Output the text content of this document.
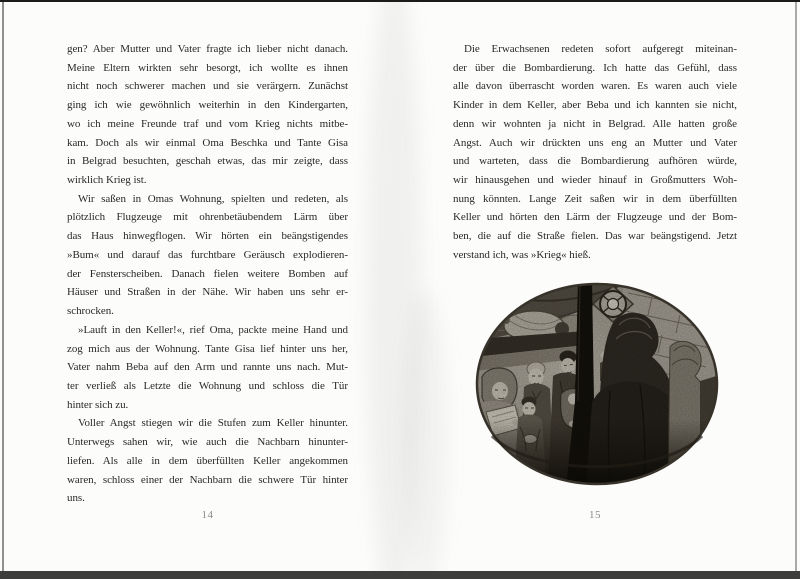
gen? Aber Mutter und Vater fragte ich lieber nicht danach.
Meine Eltern wirkten sehr besorgt, ich wollte es ihnen
nicht noch schwerer machen und sie verärgern. Zunächst
ging ich wie gewöhnlich weiterhin in den Kindergarten,
wo ich meine Freunde traf und vom Krieg nichts mitbe-
kam. Doch als wir einmal Oma Beschka und Tante Gisa
in Belgrad besuchten, geschah etwas, das mir zeigte, dass
wirklich Krieg ist.
Wir saßen in Omas Wohnung, spielten und redeten, als
plötzlich Flugzeuge mit ohrenbetäubendem Lärm über
das Haus hinwegflogen. Wir hörten ein beängstigendes
»Bum« und darauf das furchtbare Geräusch explodieren-
der Fensterscheiben. Danach fielen weitere Bomben auf
Häuser und Straßen in der Nähe. Wir haben uns sehr er-
schrocken.
»Lauft in den Keller!«, rief Oma, packte meine Hand und
zog mich aus der Wohnung. Tante Gisa lief hinter uns her,
Vater nahm Beba auf den Arm und rannte uns nach. Mut-
ter verließ als Letzte die Wohnung und schloss die Tür
hinter sich zu.
Voller Angst stiegen wir die Stufen zum Keller hinunter.
Unterwegs sahen wir, wie auch die Nachbarn hinunter-
liefen. Als alle in dem überfüllten Keller angekommen
waren, schloss einer der Nachbarn die schwere Tür hinter
uns.
14
Die Erwachsenen redeten sofort aufgeregt miteinan-
der über die Bombardierung. Ich hatte das Gefühl, dass
alle davon überrascht worden waren. Es waren auch viele
Kinder in dem Keller, aber Beba und ich kannten sie nicht,
denn wir wohnten ja nicht in Belgrad. Alle hatten große
Angst. Auch wir drückten uns eng an Mutter und Vater
und warteten, dass die Bombardierung aufhören würde,
wir hinausgehen und wieder hinauf in Großmutters Woh-
nung könnten. Lange Zeit saßen wir in dem überfüllten
Keller und hörten den Lärm der Flugzeuge und der Bom-
ben, die auf die Straße fielen. Das war beängstigend. Jetzt
verstand ich, was »Krieg« hieß.
15
